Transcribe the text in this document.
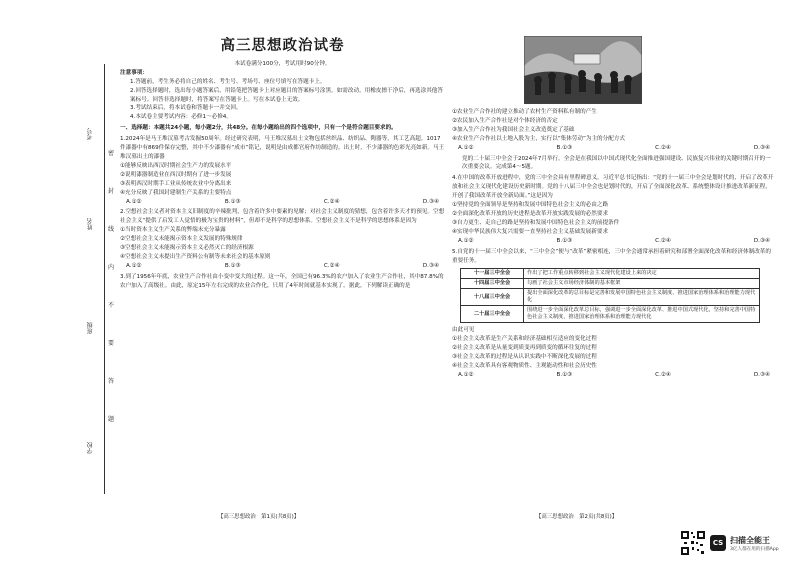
考号
姓名
班级
学校
密
封
线
内
不
要
答
题
高三思想政治试卷
本试卷满分100分，考试用时90分钟。
注意事项：

1.答题前，考生务必将自己的姓名、考生号、考场号、座位号填写在答题卡上。

2.回答选择题时，选出每小题答案后，用铅笔把答题卡上对应题目的答案标号涂黑。如需改动，用橡皮擦干净后，再选涂其他答案标号。回答非选择题时，将答案写在答题卡上。写在本试卷上无效。

3.考试结束后，将本试卷和答题卡一并交回。

4.本试卷主要考试内容：必修1～必修4。

一、选择题：本题共24小题，每小题2分，共48分。在每小题给出的四个选项中，只有一个是符合题目要求的。

1.2024年是马王堆汉墓考古发掘50周年。经过研究表明，马王堆汉墓出土文物包括丝织品、纺织品、陶器等，其工艺高超。1017件漆器中有869件保存完整，其中不少漆器有“成市”铭记，说明是由成都官府作坊制造的。出土时，不少漆器的色彩光亮如新。马王堆汉墓出土的漆器

①能够反映出西汉时期社会生产力的发展水平

②说明漆器制造业在西汉时期有了进一步发展

③表明西汉时期手工业从传统农业中分离出来

④充分反映了我国封建制生产关系的主要特点

A.①②	B.①③	C.②④	D.③④

2.空想社会主义者对资本主义旧制度的辛辣批判，包含着许多中要素的见解；对社会主义制度的猜想，包含着许多天才的预见。空想社会主义“提供了启发工人觉悟的极为宝贵的材料”，但却不是科学的思想体系。空想社会主义不是科学的思想体系是因为

①当时资本主义生产关系的弊端未充分暴露

②空想社会主义未能揭示资本主义发展的特殊规律

③空想社会主义未能揭示资本主义必然灭亡的经济根源

④空想社会主义未提出生产资料公有制等未来社会的基本原则

A.①②	B.①③	C.②④	D.③④

3.到了1956年年底，农业生产合作社由小变中变大的过程。这一年，全国已有96.3%的农户加入了农业生产合作社，其中87.8%的农户加入了高级社。由此，原定15年左右完成的农业合作化，只用了4年时间就基本实现了。据此，下列解读正确的是

【高三思想政治　第1页(共8页)】

①农业生产合作社的建立推动了农村生产资料私有制的产生

②农民加入生产合作社是对个体经济的否定

③加入生产合作社为我国社会主义改造奠定了基础

④农业生产合作社以土地入股为主，实行以“集体劳动”为主的分配方式

A.①②	B.①③	C.②④	D.③④

党的二十届三中全会于2024年7月举行。全会是在我国以中国式现代化全面推进强国建设、民族复兴伟业的关键时期召开的一次重要会议。完成第4～5题。

4.在中国的改革开放进程中，党的三中全会具有里程碑意义。习近平总书记指出：“党的十一届三中全会是划时代的，开启了改革开放和社会主义现代化建设历史新时期。党的十八届三中全会也是划时代的，开启了全面深化改革、系统整体设计推进改革新征程，开创了我国改革开放全新局面。”这是因为

①坚持党的全面领导是坚持和发展中国特色社会主义的必由之路

②全面深化改革开放的历史进程是改革开放实践发展的必然要求

③自力更生、走自己的路是坚持和发展中国特色社会主义的前提条件

④实现中华民族伟大复兴需要一直坚持社会主义基础发展新要求

A.①②	B.①③	C.②④	D.③④

5.自党的十一届三中全会以来，“三中全会”便与“改革”紧密相连，三中全会通常承担着研究和部署全面深化改革和经济体制改革的重要任务。

十一届三中全会	作出了把工作重点转移到社会主义现代化建设上来的决定
十四届三中全会	勾画了社会主义市场经济体制的基本框架
十八届三中全会	提出全面深化改革的总目标是完善和发展中国特色社会主义制度、推进国家治理体系和治理能力现代化
二十届三中全会	围绕进一步全面深化改革总目标，强调进一步全面深化改革、推进中国式现代化，坚持和完善中国特色社会主义制度，推进国家治理体系和治理能力现代化

由此可见

①社会主义改革是生产关系和经济基础相互适应的变化过程

②社会主义改革是从量变到质变再到质变的循环往复的过程

③社会主义改革的过程是从认识实践中不断深化发展的过程

④社会主义改革具有客观物质性、主观能动性和社会历史性

A.①②	B.①③	C.②④	D.③④
【高三思想政治　第2页(共8页)】
CS 扫描全能王
3亿人都在用的扫描App
